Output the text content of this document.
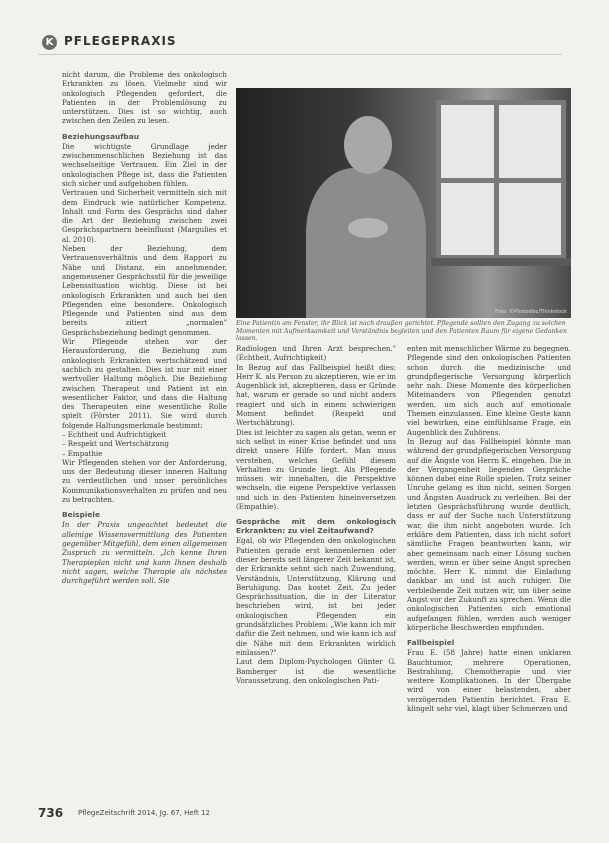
K PFLEGEPRAXIS

nicht darum, die Probleme des onkologisch Erkrankten zu lösen. Vielmehr sind wir onkologisch Pflegenden gefordert, die Patienten in der Problemlösung zu unterstützen. Dies ist so wichtig, auch zwischen den Zeilen zu lesen.

Beziehungsaufbau

Die wichtigste Grundlage jeder zwischenmenschlichen Beziehung ist das wechselseitige Vertrauen. Ein Ziel in der onkologischen Pflege ist, dass die Patienten sich sicher und aufgehoben fühlen.

Vertrauen und Sicherheit vermitteln sich mit dem Eindruck wie natürlicher Kompetenz. Inhalt und Form des Gesprächs sind daher die Art der Beziehung zwischen zwei Gesprächspartnern beeinflusst (Margulies et al. 2010).

Neben der Beziehung, dem Vertrauensverhältnis und dem Rapport zu Nähe und Distanz, ein annehmender, angemessener Gesprächsstil für die jeweilige Lebenssituation wichtig. Diese ist bei onkologisch Erkrankten und auch bei den Pflegenden eine besondere. Onkologisch Pflegende und Patienten sind aus dem bereits zitiert „normalen" Gesprächsbeziehung bedingt genommen.

Wir Pflegende stehen vor der Herausforderung, die Beziehung zum onkologisch Erkrankten wertschätzend und sachlich zu gestalten. Dies ist nur mit einer wertvoller Haltung möglich. Die Beziehung zwischen Therapeut und Patient ist ein wesentlicher Faktor, und dass die Haltung des Therapeuten eine wesentliche Rolle spielt (Förster 2011). Sie wird durch folgende Haltungsmerkmale bestimmt:

– Echtheit und Aufrichtigkeit

– Respekt und Wertschätzung

– Empathie

Wir Pflegenden stehen vor der Anforderung, uns der Bedeutung dieser inneren Haltung zu verdeutlichen und unser persönliches Kommunikationsverhalten zu prüfen und neu zu betrachten.

Beispiele

In der Praxis ungeachtet bedeutet die alleinige Wissensvermittlung des Patienten gegenüber Mitgefühl, dem einen allgemeinen Zuspruch zu vermitteln. „Ich kenne Ihren Therapieplan nicht und kann Ihnen deshalb nicht sagen, welche Therapie als nächstes durchgeführt werden soll. Sie

Foto: ©Photodisc/Thinkstock
Eine Patientin am Fenster, ihr Blick ist nach draußen gerichtet. Pflegende sollten den Zugang zu solchen Momenten mit Aufmerksamkeit und Verständnis begleiten und den Patienten Raum für eigene Gedanken lassen.

Radiologen und Ihren Arzt besprechen." (Echtheit, Aufrichtigkeit)

In Bezug auf das Fallbeispiel heißt dies: Herr K. als Person zu akzeptieren, wie er im Augenblick ist, akzeptieren, dass er Gründe hat, warum er gerade so und nicht anders reagiert und sich in einem schwierigen Moment befindet (Respekt und Wertschätzung).

Dies ist leichter zu sagen als getan, wenn er sich selbst in einer Krise befindet und uns direkt unsere Hilfe fordert. Man muss verstehen, welches Gefühl diesem Verhalten zu Grunde liegt. Als Pflegende müssen wir innehalten, die Perspektive wechseln, die eigene Perspektive verlassen und sich in den Patienten hineinversetzen (Empathie).

Gespräche mit dem onkologisch Erkrankten: zu viel Zeitaufwand?

Egal, ob wir Pflegenden den onkologischen Patienten gerade erst kennenlernen oder dieser bereits seit längerer Zeit bekannt ist, der Erkrankte sehnt sich nach Zuwendung, Verständnis, Unterstützung, Klärung und Beruhigung. Das kostet Zeit. Zu jeder Gesprächssituation, die in der Literatur beschrieben wird, ist bei jeder onkologischen Pflegenden ein grundsätzliches Problem: „Wie kann ich mir dafür die Zeit nehmen, und wie kann ich auf die Nähe mit dem Erkrankten wirklich einlassen?"

Laut dem Diplom-Psychologen Günter G. Bamberger ist die wesentliche Voraussetzung, den onkologischen Pati-

enten mit menschlicher Wärme zu begegnen. Pflegende sind den onkologischen Patienten schon durch die medizinische und grundpflegerische Versorgung körperlich sehr nah. Diese Momente des körperlichen Miteinanders von Pflegenden genutzt werden, um sich auch auf emotionale Themen einzulassen. Eine kleine Geste kann viel bewirken, eine einfühlsame Frage, ein Augenblick des Zuhörens.

In Bezug auf das Fallbeispiel könnte man während der grundpflegerischen Versorgung auf die Ängste von Herrn K. eingehen. Die in der Vergangenheit liegenden Gespräche können dabei eine Rolle spielen. Trotz seiner Unruhe gelang es ihm nicht, seinen Sorgen und Ängsten Ausdruck zu verleihen. Bei der letzten Gesprächsführung wurde deutlich, dass er auf der Suche nach Unterstützung war, die ihm nicht angeboten wurde. Ich erkläre dem Patienten, dass ich nicht sofort sämtliche Fragen beantworten kann, wir aber gemeinsam nach einer Lösung suchen werden, wenn er über seine Angst sprechen möchte. Herr K. nimmt die Einladung dankbar an und ist auch ruhiger. Die verbleibende Zeit nutzen wir, um über seine Angst vor der Zukunft zu sprechen. Wenn die onkologischen Patienten sich emotional aufgefangen fühlen, werden auch weniger körperliche Beschwerden empfunden.

Fallbeispiel

Frau E. (58 Jahre) hatte einen unklaren Bauchtumor, mehrere Operationen, Bestrahlung, Chemotherapie und vier weitere Komplikationen. In der Übergabe wird von einer belastenden, aber verzögernden Patientin berichtet. Frau E. klingelt sehr viel, klagt über Schmerzen und

736 PflegeZeitschrift 2014, Jg. 67, Heft 12
